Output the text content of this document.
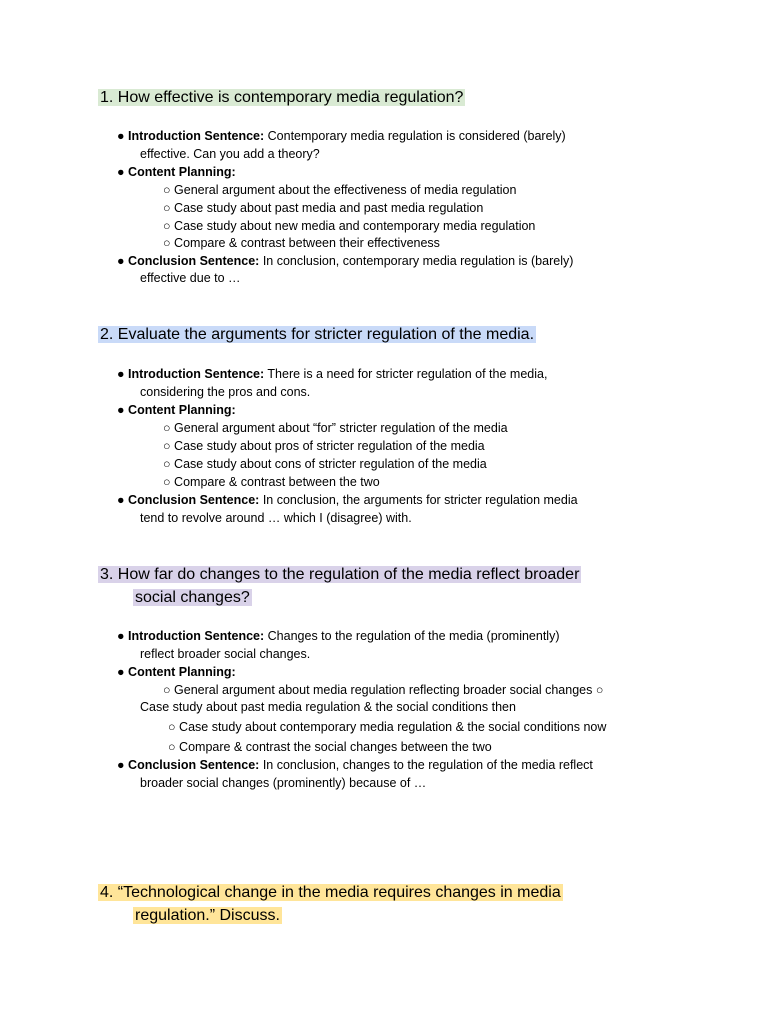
1. How effective is contemporary media regulation?
● Introduction Sentence: Contemporary media regulation is considered (barely)
effective. Can you add a theory?
● Content Planning:
○ General argument about the effectiveness of media regulation
○ Case study about past media and past media regulation
○ Case study about new media and contemporary media regulation
○ Compare & contrast between their effectiveness
● Conclusion Sentence: In conclusion, contemporary media regulation is (barely)
effective due to …
2. Evaluate the arguments for stricter regulation of the media.
● Introduction Sentence: There is a need for stricter regulation of the media,
considering the pros and cons.
● Content Planning:
○ General argument about “for” stricter regulation of the media
○ Case study about pros of stricter regulation of the media
○ Case study about cons of stricter regulation of the media
○ Compare & contrast between the two
● Conclusion Sentence: In conclusion, the arguments for stricter regulation media
tend to revolve around … which I (disagree) with.
3. How far do changes to the regulation of the media reflect broader
social changes?
● Introduction Sentence: Changes to the regulation of the media (prominently)
reflect broader social changes.
● Content Planning:
○ General argument about media regulation reflecting broader social changes ○
Case study about past media regulation & the social conditions then
○ Case study about contemporary media regulation & the social conditions now
○ Compare & contrast the social changes between the two
● Conclusion Sentence: In conclusion, changes to the regulation of the media reflect
broader social changes (prominently) because of …
4. “Technological change in the media requires changes in media
regulation.” Discuss.
